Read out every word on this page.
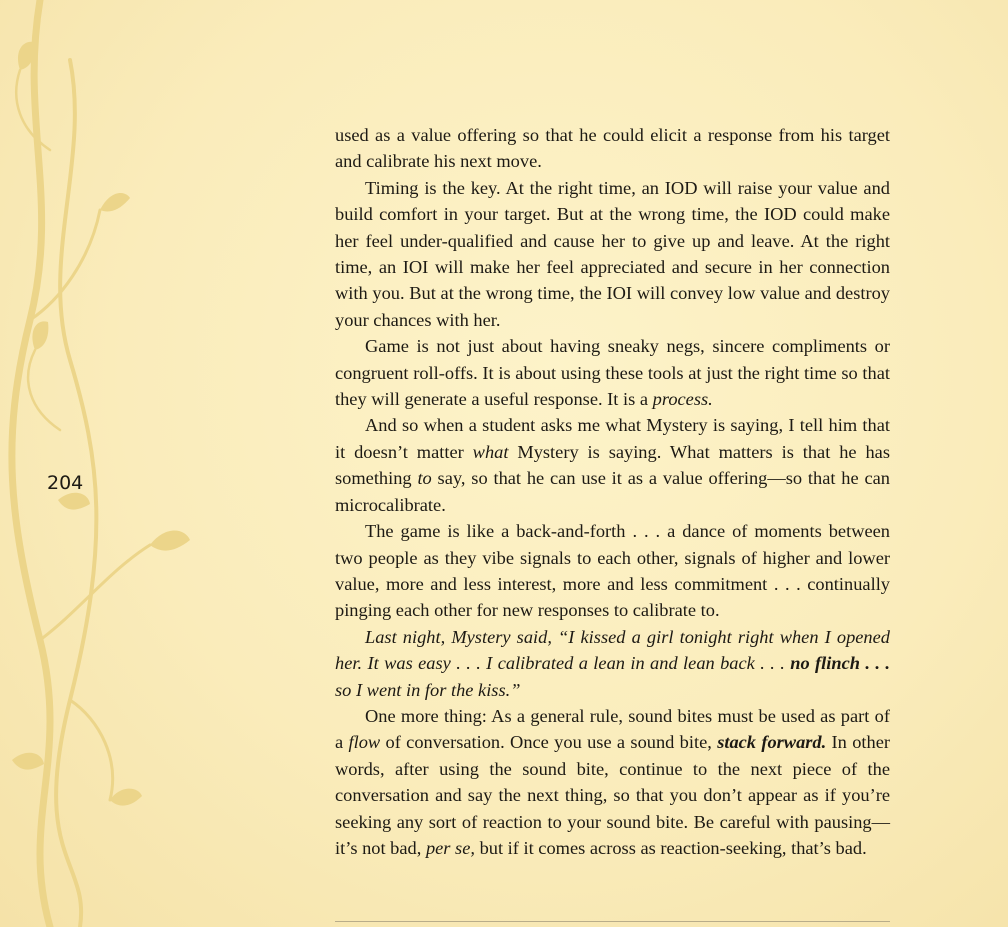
204

used as a value offering so that he could elicit a response from his target and calibrate his next move.

Timing is the key. At the right time, an IOD will raise your value and build comfort in your target. But at the wrong time, the IOD could make her feel under-qualified and cause her to give up and leave. At the right time, an IOI will make her feel appreciated and secure in her connection with you. But at the wrong time, the IOI will convey low value and destroy your chances with her.

Game is not just about having sneaky negs, sincere compliments or congruent roll-offs. It is about using these tools at just the right time so that they will generate a useful response. It is a process.

And so when a student asks me what Mystery is saying, I tell him that it doesn’t matter what Mystery is saying. What matters is that he has something to say, so that he can use it as a value offering—so that he can microcalibrate.

The game is like a back-and-forth . . . a dance of moments between two people as they vibe signals to each other, signals of higher and lower value, more and less interest, more and less commitment . . . continually pinging each other for new responses to calibrate to.

Last night, Mystery said, “I kissed a girl tonight right when I opened her. It was easy . . . I calibrated a lean in and lean back . . . no flinch . . . so I went in for the kiss.”

One more thing: As a general rule, sound bites must be used as part of a flow of conversation. Once you use a sound bite, stack forward. In other words, after using the sound bite, continue to the next piece of the conversation and say the next thing, so that you don’t appear as if you’re seeking any sort of reaction to your sound bite. Be careful with pausing—it’s not bad, per se, but if it comes across as reaction-seeking, that’s bad.
